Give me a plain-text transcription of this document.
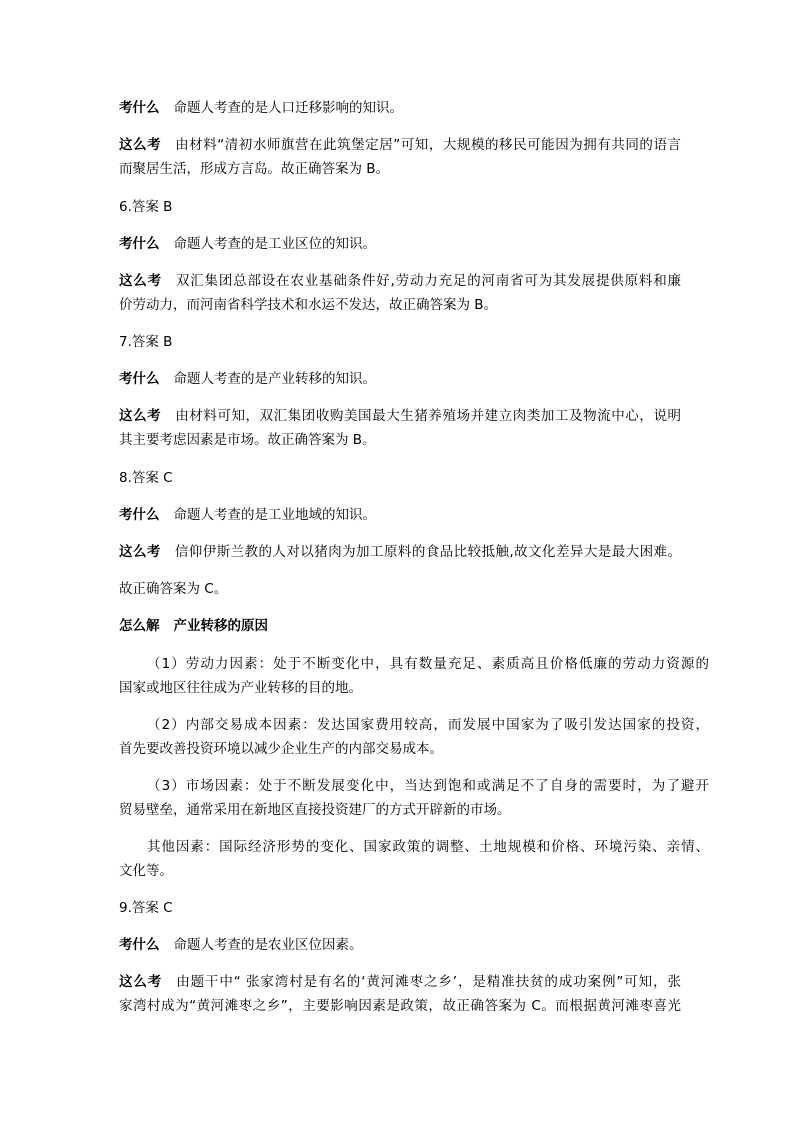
考什么 命题人考查的是人口迁移影响的知识。
这么考 由材料“清初水师旗营在此筑堡定居”可知，大规模的移民可能因为拥有共同的语言
而聚居生活，形成方言岛。故正确答案为 B。
6.答案 B
考什么 命题人考查的是工业区位的知识。
这么考 双汇集团总部设在农业基础条件好,劳动力充足的河南省可为其发展提供原料和廉
价劳动力，而河南省科学技术和水运不发达，故正确答案为 B。
7.答案 B
考什么 命题人考查的是产业转移的知识。
这么考 由材料可知，双汇集团收购美国最大生猪养殖场并建立肉类加工及物流中心，说明
其主要考虑因素是市场。故正确答案为 B。
8.答案 C
考什么 命题人考查的是工业地域的知识。
这么考 信仰伊斯兰教的人对以猪肉为加工原料的食品比较抵触,故文化差异大是最大困难。
故正确答案为 C。
怎么解 产业转移的原因
（1）劳动力因素：处于不断变化中，具有数量充足、素质高且价格低廉的劳动力资源的
国家或地区往往成为产业转移的目的地。
（2）内部交易成本因素：发达国家费用较高，而发展中国家为了吸引发达国家的投资，
首先要改善投资环境以减少企业生产的内部交易成本。
（3）市场因素：处于不断发展变化中，当达到饱和或满足不了自身的需要时，为了避开
贸易壁垒，通常采用在新地区直接投资建厂的方式开辟新的市场。
其他因素：国际经济形势的变化、国家政策的调整、土地规模和价格、环境污染、亲情、
文化等。
9.答案 C
考什么 命题人考查的是农业区位因素。
这么考 由题干中“ 张家湾村是有名的‘黄河滩枣之乡’，是精准扶贫的成功案例”可知，张
家湾村成为“黄河滩枣之乡”，主要影响因素是政策，故正确答案为 C。而根据黄河滩枣喜光
